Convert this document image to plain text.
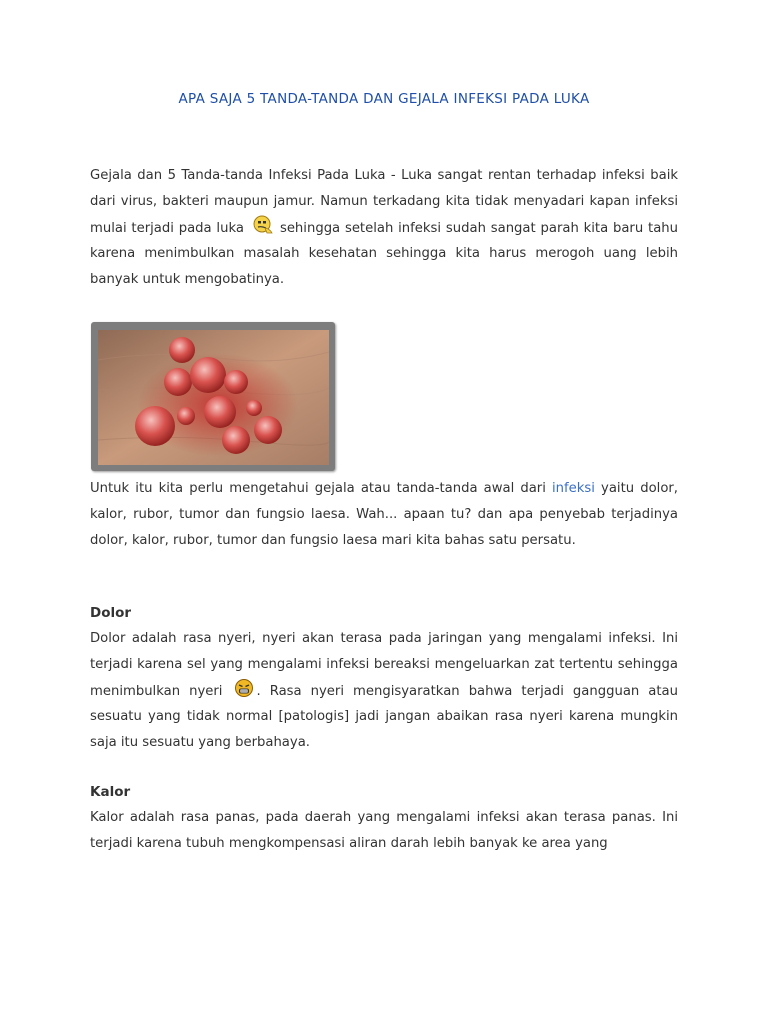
APA SAJA 5 TANDA-TANDA DAN GEJALA INFEKSI PADA LUKA

Gejala dan 5 Tanda-tanda Infeksi Pada Luka - Luka sangat rentan terhadap infeksi baik dari virus, bakteri maupun jamur. Namun terkadang kita tidak menyadari kapan infeksi mulai terjadi pada luka	sehingga setelah infeksi sudah sangat parah kita baru tahu karena menimbulkan masalah kesehatan sehingga kita harus merogoh uang lebih banyak untuk mengobatinya.

Untuk itu kita perlu mengetahui gejala atau tanda-tanda awal dari infeksi yaitu dolor, kalor, rubor, tumor dan fungsio laesa. Wah... apaan tu? dan apa penyebab terjadinya dolor, kalor, rubor, tumor dan fungsio laesa mari kita bahas satu persatu.

Dolor

Dolor adalah rasa nyeri, nyeri akan terasa pada jaringan yang mengalami infeksi. Ini terjadi karena sel yang mengalami infeksi bereaksi mengeluarkan zat tertentu sehingga menimbulkan nyeri	. Rasa nyeri mengisyaratkan bahwa terjadi gangguan atau sesuatu yang tidak normal [patologis] jadi jangan abaikan rasa nyeri karena mungkin saja itu sesuatu yang berbahaya.

Kalor

Kalor adalah rasa panas, pada daerah yang mengalami infeksi akan terasa panas. Ini terjadi karena tubuh mengkompensasi aliran darah lebih banyak ke area yang
